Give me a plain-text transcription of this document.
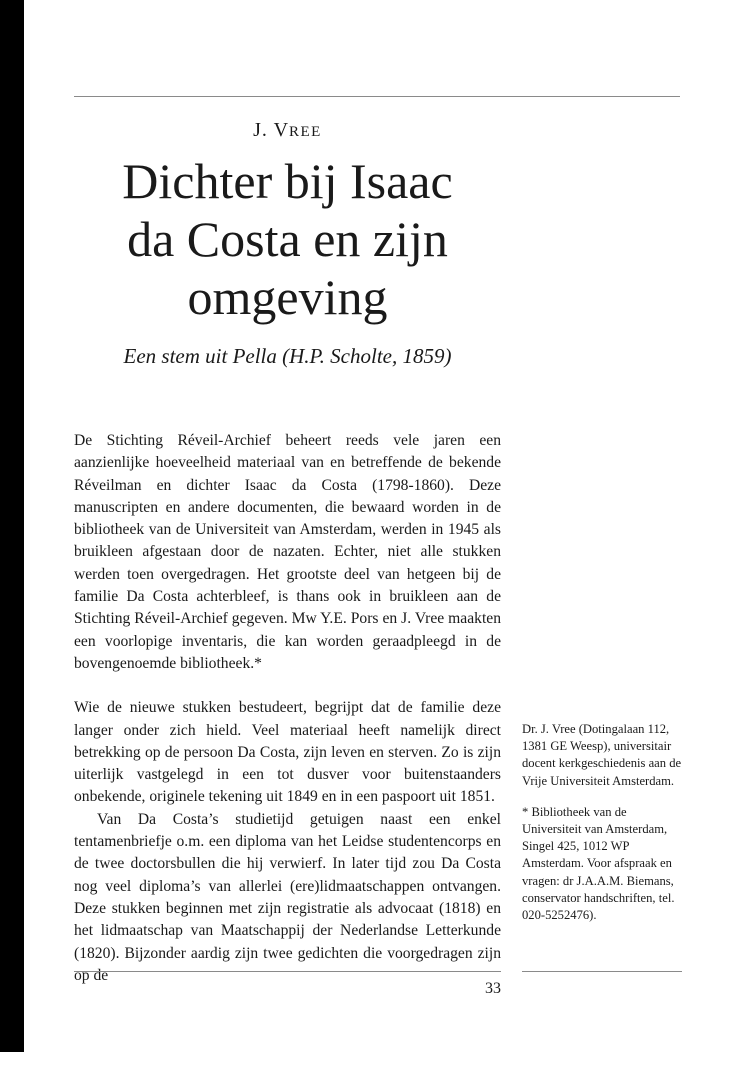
J. VREE
Dichter bij Isaac
da Costa en zijn
omgeving
Een stem uit Pella (H.P. Scholte, 1859)

De Stichting Réveil-Archief beheert reeds vele jaren een aanzienlijke hoeveelheid materiaal van en betreffende de bekende Réveilman en dichter Isaac da Costa (1798-1860). Deze manuscripten en andere documenten, die bewaard worden in de bibliotheek van de Universiteit van Amsterdam, werden in 1945 als bruikleen afgestaan door de nazaten. Echter, niet alle stukken werden toen overgedragen. Het grootste deel van hetgeen bij de familie Da Costa achterbleef, is thans ook in bruikleen aan de Stichting Réveil-Archief gegeven. Mw Y.E. Pors en J. Vree maakten een voorlopige inventaris, die kan worden geraadpleegd in de bovengenoemde bibliotheek.*

Wie de nieuwe stukken bestudeert, begrijpt dat de familie deze langer onder zich hield. Veel materiaal heeft namelijk direct betrekking op de persoon Da Costa, zijn leven en sterven. Zo is zijn uiterlijk vastgelegd in een tot dusver voor buitenstaanders onbekende, originele tekening uit 1849 en in een paspoort uit 1851.

Van Da Costa’s studietijd getuigen naast een enkel tentamenbriefje o.m. een diploma van het Leidse studentencorps en de twee doctorsbullen die hij verwierf. In later tijd zou Da Costa nog veel diploma’s van allerlei (ere)lidmaatschappen ontvangen. Deze stukken beginnen met zijn registratie als advocaat (1818) en het lidmaatschap van Maatschappij der Nederlandse Letterkunde (1820). Bijzonder aardig zijn twee gedichten die voorgedragen zijn op de

Dr. J. Vree (Dotingalaan 112, 1381 GE Weesp), universitair docent kerkgeschiedenis aan de Vrije Universiteit Amsterdam.

* Bibliotheek van de Universiteit van Amsterdam, Singel 425, 1012 WP Amsterdam. Voor afspraak en vragen: dr J.A.A.M. Biemans, conservator handschriften, tel. 020-5252476).

33
